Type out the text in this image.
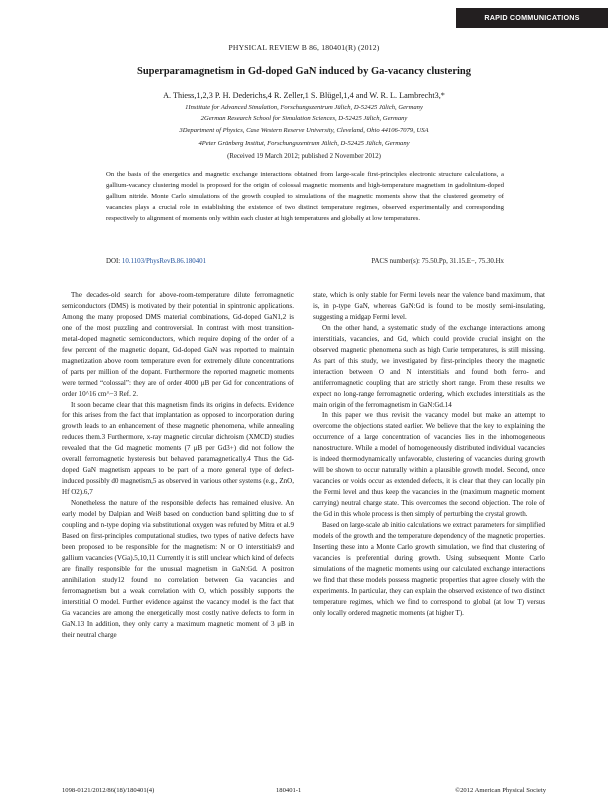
RAPID COMMUNICATIONS
PHYSICAL REVIEW B 86, 180401(R) (2012)
Superparamagnetism in Gd-doped GaN induced by Ga-vacancy clustering
A. Thiess,1,2,3 P. H. Dederichs,4 R. Zeller,1 S. Blügel,1,4 and W. R. L. Lambrecht3,*
1Institute for Advanced Simulation, Forschungszentrum Jülich, D-52425 Jülich, Germany
2German Research School for Simulation Sciences, D-52425 Jülich, Germany
3Department of Physics, Case Western Reserve University, Cleveland, Ohio 44106-7079, USA
4Peter Grünberg Institut, Forschungszentrum Jülich, D-52425 Jülich, Germany
(Received 19 March 2012; published 2 November 2012)
On the basis of the energetics and magnetic exchange interactions obtained from large-scale first-principles electronic structure calculations, a gallium-vacancy clustering model is proposed for the origin of colossal magnetic moments and high-temperature magnetism in gadolinium-doped gallium nitride. Monte Carlo simulations of the growth coupled to simulations of the magnetic moments show that the clustered geometry of vacancies plays a crucial role in establishing the existence of two distinct temperature regimes, observed experimentally and corresponding respectively to alignment of moments only within each cluster at high temperatures and globally at low temperatures.
DOI: 10.1103/PhysRevB.86.180401	PACS number(s): 75.50.Pp, 31.15.E−, 75.30.Hx

The decades-old search for above-room-temperature dilute ferromagnetic semiconductors (DMS) is motivated by their potential in spintronic applications. Among the many proposed DMS material combinations, Gd-doped GaN1,2 is one of the most puzzling and controversial. In contrast with most transition-metal-doped magnetic semiconductors, which require doping of the order of a few percent of the magnetic dopant, Gd-doped GaN was reported to maintain magnetization above room temperature even for extremely dilute concentrations of parts per million of the dopant. Furthermore the reported magnetic moments were termed “colossal”: they are of order 4000 μB per Gd for concentrations of order 10^16 cm^−3 Ref. 2.

It soon became clear that this magnetism finds its origins in defects. Evidence for this arises from the fact that implantation as opposed to incorporation during growth leads to an enhancement of these magnetic phenomena, while annealing reduces them.3 Furthermore, x-ray magnetic circular dichroism (XMCD) studies revealed that the Gd magnetic moments (7 μB per Gd3+) did not follow the overall ferromagnetic hysteresis but behaved paramagnetically.4 Thus the Gd-doped GaN magnetism appears to be part of a more general type of defect-induced possibly d0 magnetism,5 as observed in various other systems (e.g., ZnO, Hf O2).6,7

Nonetheless the nature of the responsible defects has remained elusive. An early model by Dalpian and Wei8 based on conduction band splitting due to sf coupling and n-type doping via substitutional oxygen was refuted by Mitra et al.9 Based on first-principles computational studies, two types of native defects have been proposed to be responsible for the magnetism: N or O interstitials9 and gallium vacancies (VGa).5,10,11 Currently it is still unclear which kind of defects are finally responsible for the unusual magnetism in GaN:Gd. A positron annihilation study12 found no correlation between Ga vacancies and ferromagnetism but a weak correlation with O, which possibly supports the interstitial O model. Further evidence against the vacancy model is the fact that Ga vacancies are among the energetically most costly native defects to form in GaN.13 In addition, they only carry a maximum magnetic moment of 3 μB in their neutral charge

state, which is only stable for Fermi levels near the valence band maximum, that is, in p-type GaN, whereas GaN:Gd is found to be mostly semi-insulating, suggesting a midgap Fermi level.

On the other hand, a systematic study of the exchange interactions among interstitials, vacancies, and Gd, which could provide crucial insight on the observed magnetic phenomena such as high Curie temperatures, is still missing. As part of this study, we investigated by first-principles theory the magnetic interaction between O and N interstitials and found both ferro- and antiferromagnetic coupling that are strictly short range. From these results we expect no long-range ferromagnetic ordering, which excludes interstitials as the main origin of the ferromagnetism in GaN:Gd.14

In this paper we thus revisit the vacancy model but make an attempt to overcome the objections stated earlier. We believe that the key to explaining the occurrence of a large concentration of vacancies lies in the inhomogeneous nanostructure. While a model of homogeneously distributed individual vacancies is indeed thermodynamically unfavorable, clustering of vacancies during growth will be shown to occur naturally within a plausible growth model. Second, once vacancies or voids occur as extended defects, it is clear that they can locally pin the Fermi level and thus keep the vacancies in the (maximum magnetic moment carrying) neutral charge state. This overcomes the second objection. The role of the Gd in this whole process is then simply of perturbing the crystal growth.

Based on large-scale ab initio calculations we extract parameters for simplified models of the growth and the temperature dependency of the magnetic properties. Inserting these into a Monte Carlo growth simulation, we find that clustering of vacancies is preferential during growth. Using subsequent Monte Carlo simulations of the magnetic moments using our calculated exchange interactions we find that these models possess magnetic properties that agree closely with the experiments. In particular, they can explain the observed existence of two distinct temperature regimes, which we find to correspond to global (at low T) versus only locally ordered magnetic moments (at higher T).

1098-0121/2012/86(18)/180401(4)	180401-1	©2012 American Physical Society
